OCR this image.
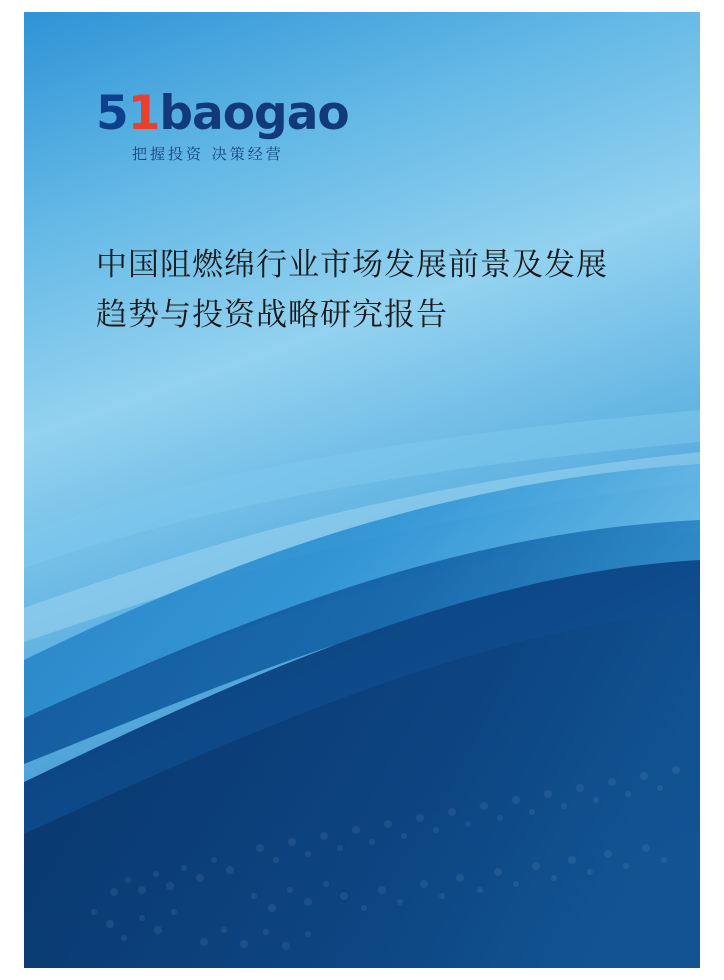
51baogao
把握投资 决策经营
中国阻燃绵行业市场发展前景及发展
趋势与投资战略研究报告
